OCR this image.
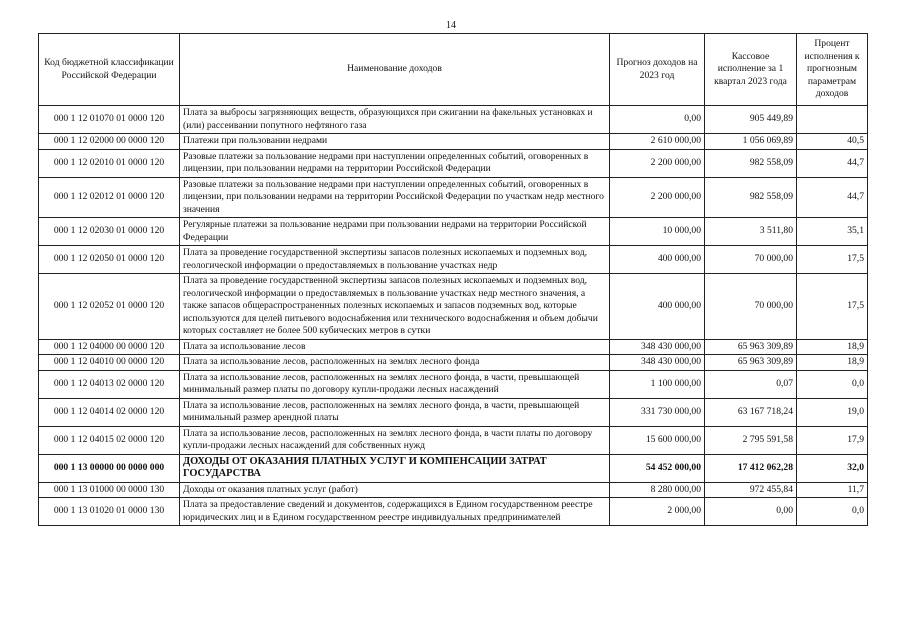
14
Код бюджетной классификации Российской Федерации	Наименование доходов	Прогноз доходов на 2023 год	Кассовое исполнение за 1 квартал 2023 года	Процент исполнения к прогнозным параметрам доходов
000 1 12 01070 01 0000 120	Плата за выбросы загрязняющих веществ, образующихся при сжигании на факельных установках и (или) рассеивании попутного нефтяного газа	0,00	905 449,89	
000 1 12 02000 00 0000 120	Платежи при пользовании недрами	2 610 000,00	1 056 069,89	40,5
000 1 12 02010 01 0000 120	Разовые платежи за пользование недрами при наступлении определенных событий, оговоренных в лицензии, при пользовании недрами на территории Российской Федерации	2 200 000,00	982 558,09	44,7
000 1 12 02012 01 0000 120	Разовые платежи за пользование недрами при наступлении определенных событий, оговоренных в лицензии, при пользовании недрами на территории Российской Федерации по участкам недр местного значения	2 200 000,00	982 558,09	44,7
000 1 12 02030 01 0000 120	Регулярные платежи за пользование недрами при пользовании недрами на территории Российской Федерации	10 000,00	3 511,80	35,1
000 1 12 02050 01 0000 120	Плата за проведение государственной экспертизы запасов полезных ископаемых и подземных вод, геологической информации о предоставляемых в пользование участках недр	400 000,00	70 000,00	17,5
000 1 12 02052 01 0000 120	Плата за проведение государственной экспертизы запасов полезных ископаемых и подземных вод, геологической информации о предоставляемых в пользование участках недр местного значения, а также запасов общераспространенных полезных ископаемых и запасов подземных вод, которые используются для целей питьевого водоснабжения или технического водоснабжения и объем добычи которых составляет не более 500 кубических метров в сутки	400 000,00	70 000,00	17,5
000 1 12 04000 00 0000 120	Плата за использование лесов	348 430 000,00	65 963 309,89	18,9
000 1 12 04010 00 0000 120	Плата за использование лесов, расположенных на землях лесного фонда	348 430 000,00	65 963 309,89	18,9
000 1 12 04013 02 0000 120	Плата за использование лесов, расположенных на землях лесного фонда, в части, превышающей минимальный размер платы по договору купли-продажи лесных насаждений	1 100 000,00	0,07	0,0
000 1 12 04014 02 0000 120	Плата за использование лесов, расположенных на землях лесного фонда, в части, превышающей минимальный размер арендной платы	331 730 000,00	63 167 718,24	19,0
000 1 12 04015 02 0000 120	Плата за использование лесов, расположенных на землях лесного фонда, в части платы по договору купли-продажи лесных насаждений для собственных нужд	15 600 000,00	2 795 591,58	17,9
000 1 13 00000 00 0000 000	ДОХОДЫ ОТ ОКАЗАНИЯ ПЛАТНЫХ УСЛУГ И КОМПЕНСАЦИИ ЗАТРАТ ГОСУДАРСТВА	54 452 000,00	17 412 062,28	32,0
000 1 13 01000 00 0000 130	Доходы от оказания платных услуг (работ)	8 280 000,00	972 455,84	11,7
000 1 13 01020 01 0000 130	Плата за предоставление сведений и документов, содержащихся в Едином государственном реестре юридических лиц и в Едином государственном реестре индивидуальных предпринимателей	2 000,00	0,00	0,0
